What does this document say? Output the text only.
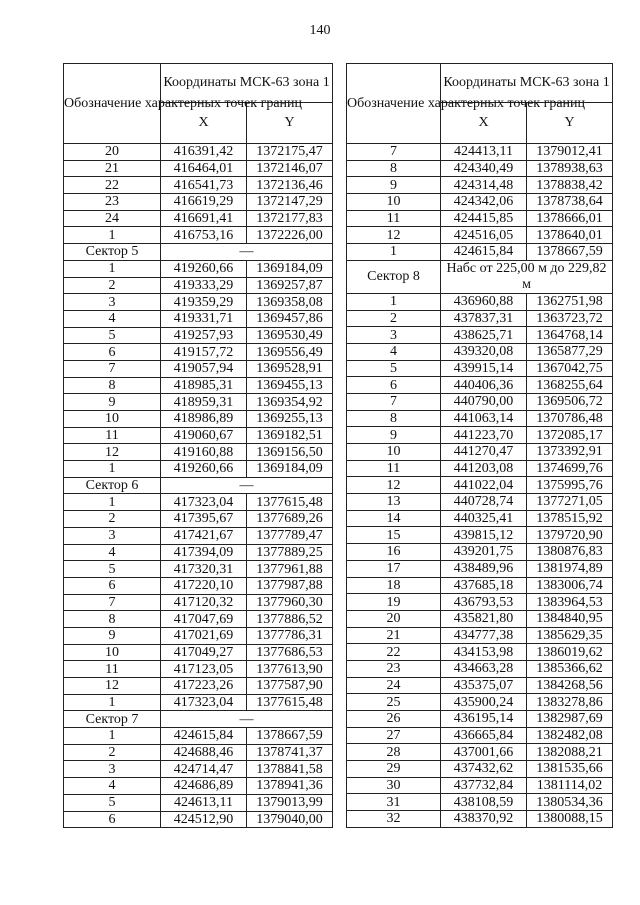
140
Обозначение характерных точек границ	Координаты МСК-63 зона 1	
	X	Y
20	416391,42	1372175,47
21	416464,01	1372146,07
22	416541,73	1372136,46
23	416619,29	1372147,29
24	416691,41	1372177,83
1	416753,16	1372226,00
Сектор 5	—	
1	419260,66	1369184,09
2	419333,29	1369257,87
3	419359,29	1369358,08
4	419331,71	1369457,86
5	419257,93	1369530,49
6	419157,72	1369556,49
7	419057,94	1369528,91
8	418985,31	1369455,13
9	418959,31	1369354,92
10	418986,89	1369255,13
11	419060,67	1369182,51
12	419160,88	1369156,50
1	419260,66	1369184,09
Сектор 6	—	
1	417323,04	1377615,48
2	417395,67	1377689,26
3	417421,67	1377789,47
4	417394,09	1377889,25
5	417320,31	1377961,88
6	417220,10	1377987,88
7	417120,32	1377960,30
8	417047,69	1377886,52
9	417021,69	1377786,31
10	417049,27	1377686,53
11	417123,05	1377613,90
12	417223,26	1377587,90
1	417323,04	1377615,48
Сектор 7	—	
1	424615,84	1378667,59
2	424688,46	1378741,37
3	424714,47	1378841,58
4	424686,89	1378941,36
5	424613,11	1379013,99
6	424512,90	1379040,00
Обозначение характерных точек границ	Координаты МСК-63 зона 1	
	X	Y
7	424413,11	1379012,41
8	424340,49	1378938,63
9	424314,48	1378838,42
10	424342,06	1378738,64
11	424415,85	1378666,01
12	424516,05	1378640,01
1	424615,84	1378667,59
Сектор 8	Набс от 225,00 м до 229,82 м	
1	436960,88	1362751,98
2	437837,31	1363723,72
3	438625,71	1364768,14
4	439320,08	1365877,29
5	439915,14	1367042,75
6	440406,36	1368255,64
7	440790,00	1369506,72
8	441063,14	1370786,48
9	441223,70	1372085,17
10	441270,47	1373392,91
11	441203,08	1374699,76
12	441022,04	1375995,76
13	440728,74	1377271,05
14	440325,41	1378515,92
15	439815,12	1379720,90
16	439201,75	1380876,83
17	438489,96	1381974,89
18	437685,18	1383006,74
19	436793,53	1383964,53
20	435821,80	1384840,95
21	434777,38	1385629,35
22	434153,98	1386019,62
23	434663,28	1385366,62
24	435375,07	1384268,56
25	435900,24	1383278,86
26	436195,14	1382987,69
27	436665,84	1382482,08
28	437001,66	1382088,21
29	437432,62	1381535,66
30	437732,84	1381114,02
31	438108,59	1380534,36
32	438370,92	1380088,15
